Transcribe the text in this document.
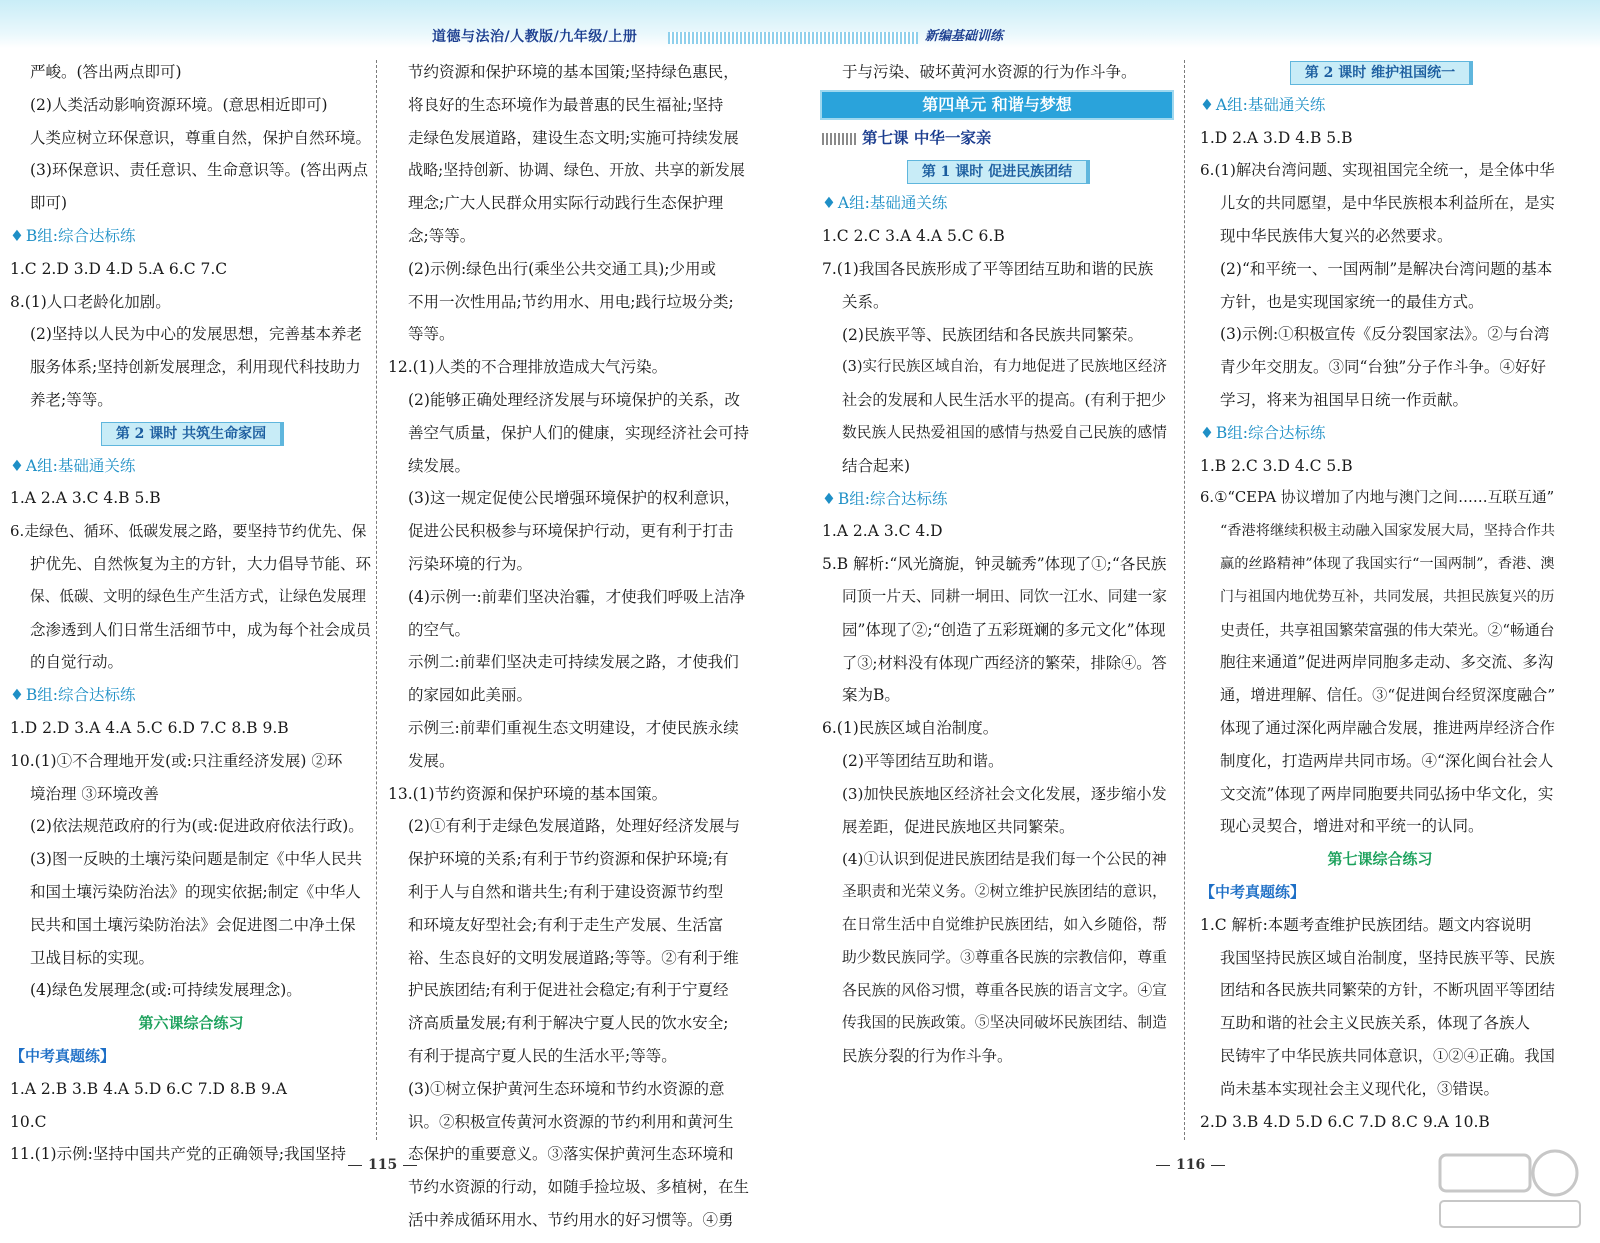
道德与法治/人教版/九年级/上册	新编基础训练
严峻。(答出两点即可)
(2)人类活动影响资源环境。(意思相近即可)
人类应树立环保意识，尊重自然，保护自然环境。
(3)环保意识、责任意识、生命意识等。(答出两点
即可)
♦ B组:综合达标练
1.C 2.D 3.D 4.D 5.A 6.C 7.C
8.(1)人口老龄化加剧。
(2)坚持以人民为中心的发展思想，完善基本养老
服务体系;坚持创新发展理念，利用现代科技助力
养老;等等。
第 2 课时 共筑生命家园
♦ A组:基础通关练
1.A 2.A 3.C 4.B 5.B
6.走绿色、循环、低碳发展之路，要坚持节约优先、保
护优先、自然恢复为主的方针，大力倡导节能、环
保、低碳、文明的绿色生产生活方式，让绿色发展理
念渗透到人们日常生活细节中，成为每个社会成员
的自觉行动。
♦ B组:综合达标练
1.D 2.D 3.A 4.A 5.C 6.D 7.C 8.B 9.B
10.(1)①不合理地开发(或:只注重经济发展) ②环
境治理 ③环境改善
(2)依法规范政府的行为(或:促进政府依法行政)。
(3)图一反映的土壤污染问题是制定《中华人民共
和国土壤污染防治法》的现实依据;制定《中华人
民共和国土壤污染防治法》会促进图二中净土保
卫战目标的实现。
(4)绿色发展理念(或:可持续发展理念)。
第六课综合练习
【中考真题练】
1.A 2.B 3.B 4.A 5.D 6.C 7.D 8.B 9.A
10.C
11.(1)示例:坚持中国共产党的正确领导;我国坚持
节约资源和保护环境的基本国策;坚持绿色惠民，
将良好的生态环境作为最普惠的民生福祉;坚持
走绿色发展道路，建设生态文明;实施可持续发展
战略;坚持创新、协调、绿色、开放、共享的新发展
理念;广大人民群众用实际行动践行生态保护理
念;等等。
(2)示例:绿色出行(乘坐公共交通工具);少用或
不用一次性用品;节约用水、用电;践行垃圾分类;
等等。
12.(1)人类的不合理排放造成大气污染。
(2)能够正确处理经济发展与环境保护的关系，改
善空气质量，保护人们的健康，实现经济社会可持
续发展。
(3)这一规定促使公民增强环境保护的权利意识，
促进公民积极参与环境保护行动，更有利于打击
污染环境的行为。
(4)示例一:前辈们坚决治霾，才使我们呼吸上洁净
的空气。
示例二:前辈们坚决走可持续发展之路，才使我们
的家园如此美丽。
示例三:前辈们重视生态文明建设，才使民族永续
发展。
13.(1)节约资源和保护环境的基本国策。
(2)①有利于走绿色发展道路，处理好经济发展与
保护环境的关系;有利于节约资源和保护环境;有
利于人与自然和谐共生;有利于建设资源节约型
和环境友好型社会;有利于走生产发展、生活富
裕、生态良好的文明发展道路;等等。②有利于维
护民族团结;有利于促进社会稳定;有利于宁夏经
济高质量发展;有利于解决宁夏人民的饮水安全;
有利于提高宁夏人民的生活水平;等等。
(3)①树立保护黄河生态环境和节约水资源的意
识。②积极宣传黄河水资源的节约利用和黄河生
态保护的重要意义。③落实保护黄河生态环境和
节约水资源的行动，如随手捡垃圾、多植树，在生
活中养成循环用水、节约用水的好习惯等。④勇
于与污染、破坏黄河水资源的行为作斗争。
第四单元 和谐与梦想
第七课 中华一家亲
第 1 课时 促进民族团结
♦ A组:基础通关练
1.C 2.C 3.A 4.A 5.C 6.B
7.(1)我国各民族形成了平等团结互助和谐的民族
关系。
(2)民族平等、民族团结和各民族共同繁荣。
(3)实行民族区域自治，有力地促进了民族地区经济
社会的发展和人民生活水平的提高。(有利于把少
数民族人民热爱祖国的感情与热爱自己民族的感情
结合起来)
♦ B组:综合达标练
1.A 2.A 3.C 4.D
5.B 解析:“风光旖旎，钟灵毓秀”体现了①;“各民族
同顶一片天、同耕一垌田、同饮一江水、同建一家
园”体现了②;“创造了五彩斑斓的多元文化”体现
了③;材料没有体现广西经济的繁荣，排除④。答
案为B。
6.(1)民族区域自治制度。
(2)平等团结互助和谐。
(3)加快民族地区经济社会文化发展，逐步缩小发
展差距，促进民族地区共同繁荣。
(4)①认识到促进民族团结是我们每一个公民的神
圣职责和光荣义务。②树立维护民族团结的意识，
在日常生活中自觉维护民族团结，如入乡随俗，帮
助少数民族同学。③尊重各民族的宗教信仰，尊重
各民族的风俗习惯，尊重各民族的语言文字。④宣
传我国的民族政策。⑤坚决同破坏民族团结、制造
民族分裂的行为作斗争。
第 2 课时 维护祖国统一
♦ A组:基础通关练
1.D 2.A 3.D 4.B 5.B
6.(1)解决台湾问题、实现祖国完全统一，是全体中华
儿女的共同愿望，是中华民族根本利益所在，是实
现中华民族伟大复兴的必然要求。
(2)“和平统一、一国两制”是解决台湾问题的基本
方针，也是实现国家统一的最佳方式。
(3)示例:①积极宣传《反分裂国家法》。②与台湾
青少年交朋友。③同“台独”分子作斗争。④好好
学习，将来为祖国早日统一作贡献。
♦ B组:综合达标练
1.B 2.C 3.D 4.C 5.B
6.①“CEPA 协议增加了内地与澳门之间……互联互通”
“香港将继续积极主动融入国家发展大局，坚持合作共
赢的丝路精神”体现了我国实行“一国两制”，香港、澳
门与祖国内地优势互补，共同发展，共担民族复兴的历
史责任，共享祖国繁荣富强的伟大荣光。②“畅通台
胞往来通道”促进两岸同胞多走动、多交流、多沟
通，增进理解、信任。③“促进闽台经贸深度融合”
体现了通过深化两岸融合发展，推进两岸经济合作
制度化，打造两岸共同市场。④“深化闽台社会人
文交流”体现了两岸同胞要共同弘扬中华文化，实
现心灵契合，增进对和平统一的认同。
第七课综合练习
【中考真题练】
1.C 解析:本题考查维护民族团结。题文内容说明
我国坚持民族区域自治制度，坚持民族平等、民族
团结和各民族共同繁荣的方针，不断巩固平等团结
互助和谐的社会主义民族关系，体现了各族人
民铸牢了中华民族共同体意识，①②④正确。我国
尚未基本实现社会主义现代化，③错误。
2.D 3.B 4.D 5.D 6.C 7.D 8.C 9.A 10.B
115	116
